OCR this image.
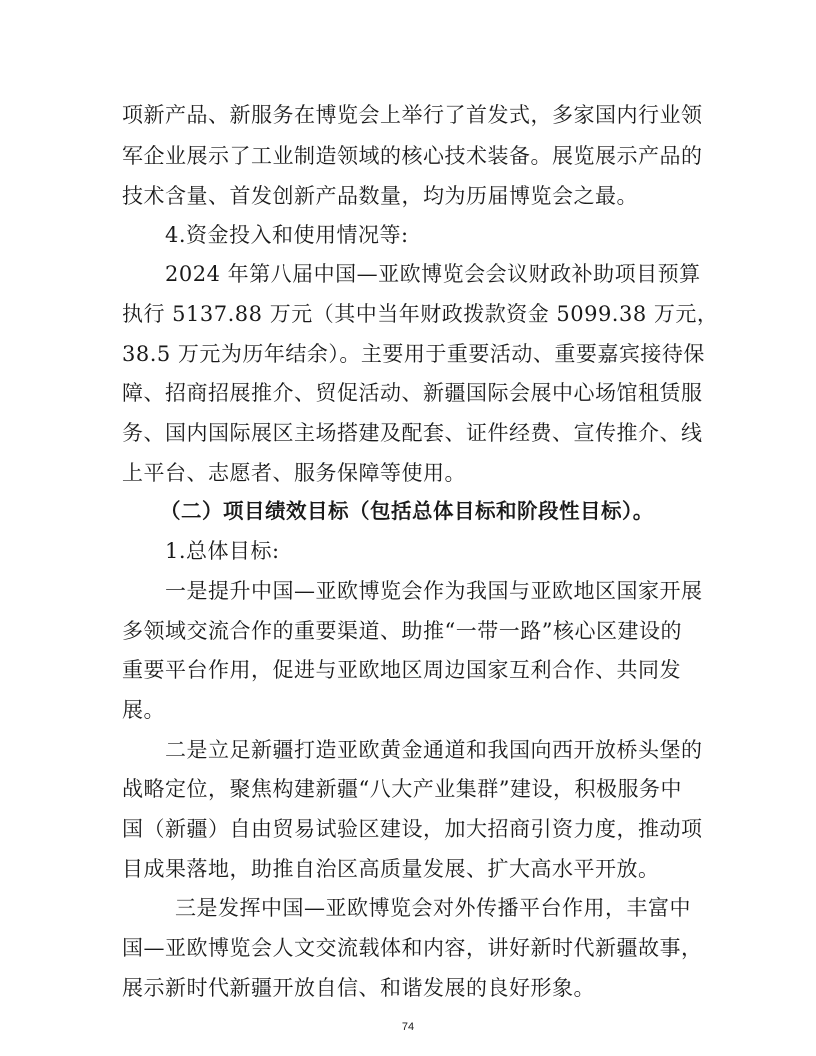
项新产品、新服务在博览会上举行了首发式，多家国内行业领
军企业展示了工业制造领域的核心技术装备。展览展示产品的
技术含量、首发创新产品数量，均为历届博览会之最。
4.资金投入和使用情况等:
2024 年第八届中国—亚欧博览会会议财政补助项目预算
执行 5137.88 万元（其中当年财政拨款资金 5099.38 万元，
38.5 万元为历年结余）。主要用于重要活动、重要嘉宾接待保
障、招商招展推介、贸促活动、新疆国际会展中心场馆租赁服
务、国内国际展区主场搭建及配套、证件经费、宣传推介、线
上平台、志愿者、服务保障等使用。
（二）项目绩效目标（包括总体目标和阶段性目标）。
1.总体目标:
一是提升中国—亚欧博览会作为我国与亚欧地区国家开展
多领域交流合作的重要渠道、助推“一带一路”核心区建设的
重要平台作用，促进与亚欧地区周边国家互利合作、共同发
展。
二是立足新疆打造亚欧黄金通道和我国向西开放桥头堡的
战略定位，聚焦构建新疆“八大产业集群”建设，积极服务中
国（新疆）自由贸易试验区建设，加大招商引资力度，推动项
目成果落地，助推自治区高质量发展、扩大高水平开放。
三是发挥中国—亚欧博览会对外传播平台作用，丰富中
国—亚欧博览会人文交流载体和内容，讲好新时代新疆故事，
展示新时代新疆开放自信、和谐发展的良好形象。
74
